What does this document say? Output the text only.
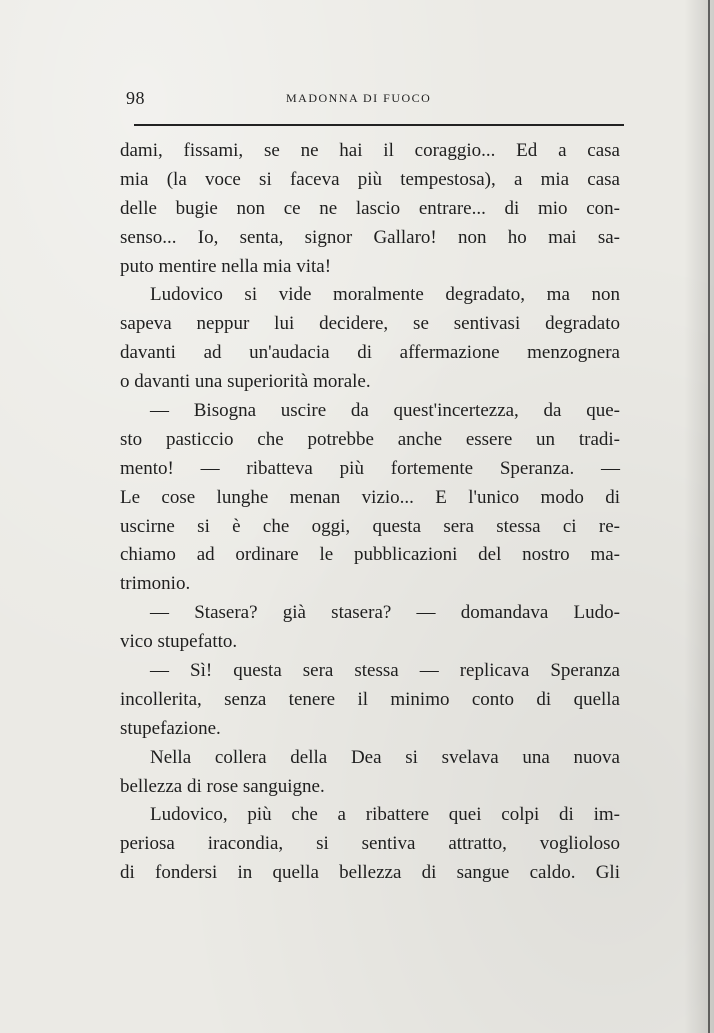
98	MADONNA DI FUOCO
dami, fissami, se ne hai il coraggio... Ed a casa
mia (la voce si faceva più tempestosa), a mia casa
delle bugie non ce ne lascio entrare... di mio con-
senso... Io, senta, signor Gallaro! non ho mai sa-
puto mentire nella mia vita!
Ludovico si vide moralmente degradato, ma non
sapeva neppur lui decidere, se sentivasi degradato
davanti ad un'audacia di affermazione menzognera
o davanti una superiorità morale.
— Bisogna uscire da quest'incertezza, da que-
sto pasticcio che potrebbe anche essere un tradi-
mento! — ribatteva più fortemente Speranza. —
Le cose lunghe menan vizio... E l'unico modo di
uscirne si è che oggi, questa sera stessa ci re-
chiamo ad ordinare le pubblicazioni del nostro ma-
trimonio.
— Stasera? già stasera? — domandava Ludo-
vico stupefatto.
— Sì! questa sera stessa — replicava Speranza
incollerita, senza tenere il minimo conto di quella
stupefazione.
Nella collera della Dea si svelava una nuova
bellezza di rose sanguigne.
Ludovico, più che a ribattere quei colpi di im-
periosa iracondia, si sentiva attratto, voglioloso
di fondersi in quella bellezza di sangue caldo. Gli
